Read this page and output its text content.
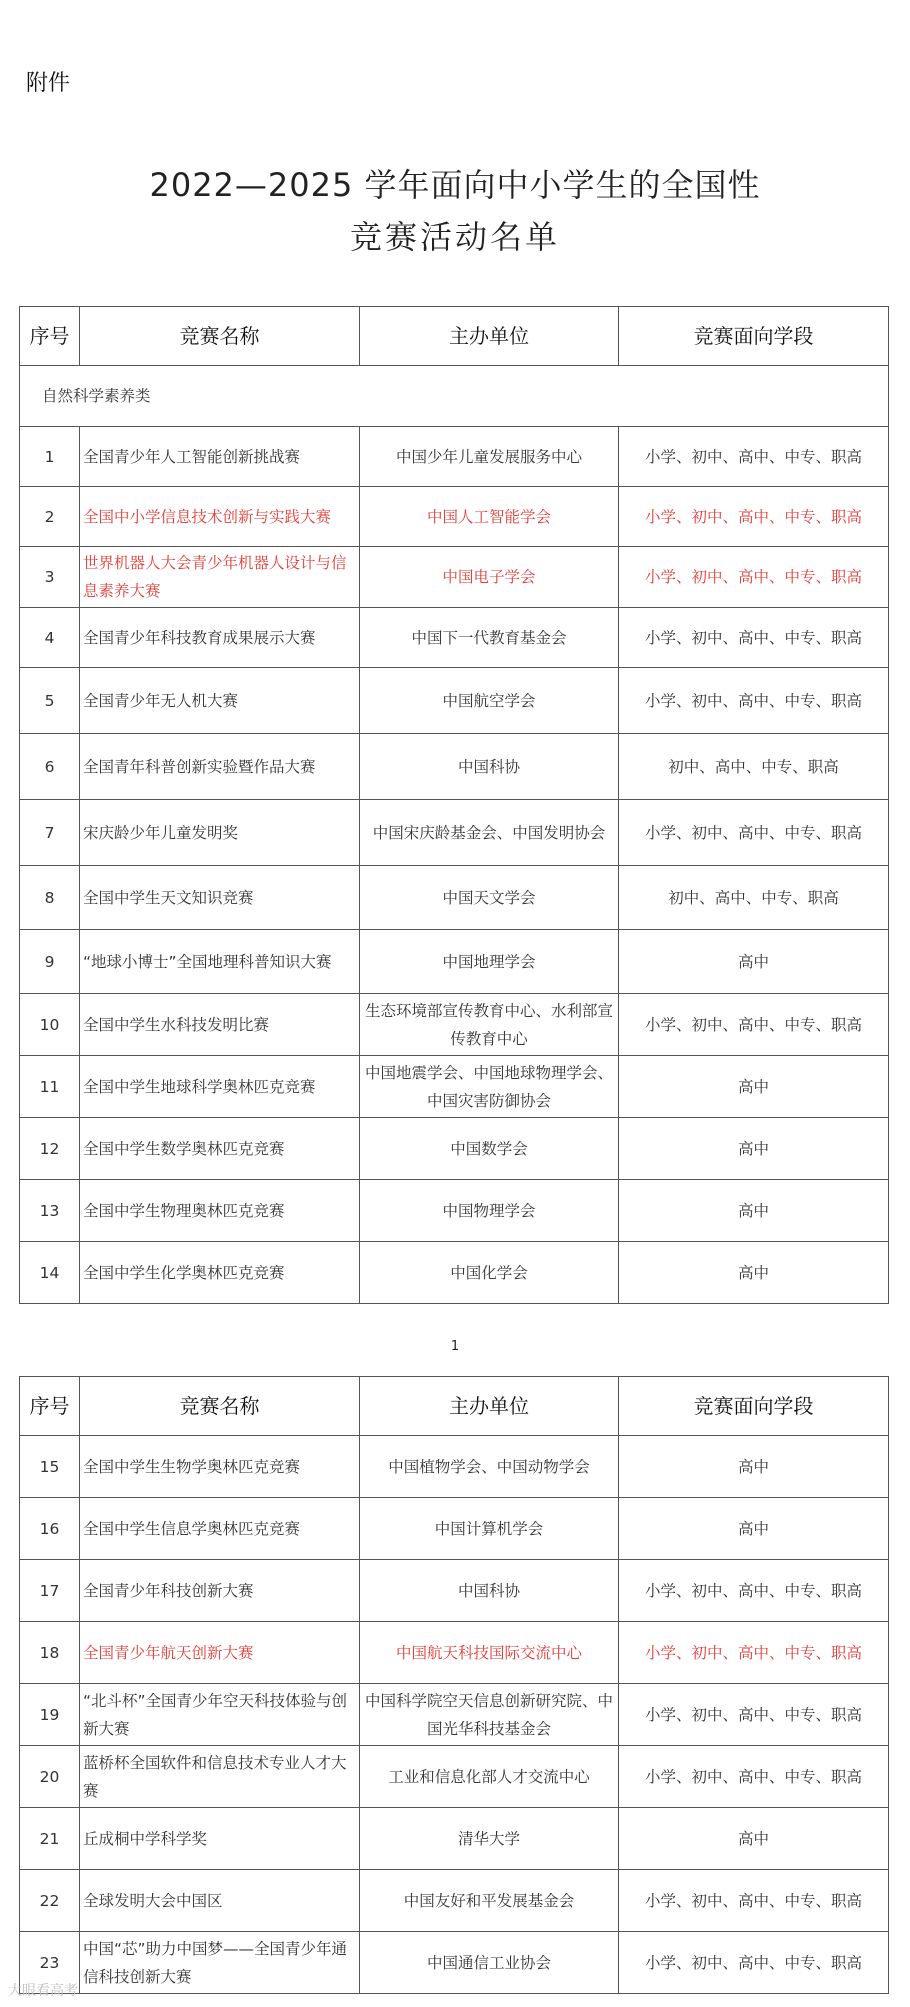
附件
2022—2025 学年面向中小学生的全国性
竞赛活动名单
序号	竞赛名称	主办单位	竞赛面向学段
自然科学素养类			
1	全国青少年人工智能创新挑战赛	中国少年儿童发展服务中心	小学、初中、高中、中专、职高
2	全国中小学信息技术创新与实践大赛	中国人工智能学会	小学、初中、高中、中专、职高
3	世界机器人大会青少年机器人设计与信息素养大赛	中国电子学会	小学、初中、高中、中专、职高
4	全国青少年科技教育成果展示大赛	中国下一代教育基金会	小学、初中、高中、中专、职高
5	全国青少年无人机大赛	中国航空学会	小学、初中、高中、中专、职高
6	全国青年科普创新实验暨作品大赛	中国科协	初中、高中、中专、职高
7	宋庆龄少年儿童发明奖	中国宋庆龄基金会、中国发明协会	小学、初中、高中、中专、职高
8	全国中学生天文知识竞赛	中国天文学会	初中、高中、中专、职高
9	“地球小博士”全国地理科普知识大赛	中国地理学会	高中
10	全国中学生水科技发明比赛	生态环境部宣传教育中心、水利部宣传教育中心	小学、初中、高中、中专、职高
11	全国中学生地球科学奥林匹克竞赛	中国地震学会、中国地球物理学会、中国灾害防御协会	高中
12	全国中学生数学奥林匹克竞赛	中国数学会	高中
13	全国中学生物理奥林匹克竞赛	中国物理学会	高中
14	全国中学生化学奥林匹克竞赛	中国化学会	高中
1
序号	竞赛名称	主办单位	竞赛面向学段
15	全国中学生生物学奥林匹克竞赛	中国植物学会、中国动物学会	高中
16	全国中学生信息学奥林匹克竞赛	中国计算机学会	高中
17	全国青少年科技创新大赛	中国科协	小学、初中、高中、中专、职高
18	全国青少年航天创新大赛	中国航天科技国际交流中心	小学、初中、高中、中专、职高
19	“北斗杯”全国青少年空天科技体验与创新大赛	中国科学院空天信息创新研究院、中国光华科技基金会	小学、初中、高中、中专、职高
20	蓝桥杯全国软件和信息技术专业人才大赛	工业和信息化部人才交流中心	小学、初中、高中、中专、职高
21	丘成桐中学科学奖	清华大学	高中
22	全球发明大会中国区	中国友好和平发展基金会	小学、初中、高中、中专、职高
23	中国“芯”助力中国梦——全国青少年通信科技创新大赛	中国通信工业协会	小学、初中、高中、中专、职高
大眼看高考
